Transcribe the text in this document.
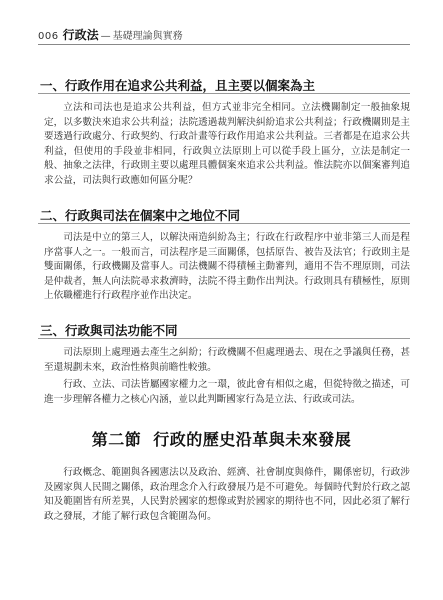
006 行政法 — 基礎理論與實務
一、行政作用在追求公共利益，且主要以個案為主

立法和司法也是追求公共利益，但方式並非完全相同。立法機關制定一般抽象規定，以多數決來追求公共利益；法院透過裁判解決糾紛追求公共利益；行政機關則是主要透過行政處分、行政契約、行政計畫等行政作用追求公共利益。三者都是在追求公共利益，但使用的手段並非相同，行政與立法原則上可以從手段上區分，立法是制定一般、抽象之法律，行政則主要以處理具體個案來追求公共利益。惟法院亦以個案審判追求公益，司法與行政應如何區分呢？

二、行政與司法在個案中之地位不同

司法是中立的第三人，以解決兩造糾紛為主；行政在行政程序中並非第三人而是程序當事人之一。一般而言，司法程序是三面關係，包括原告、被告及法官；行政則主是雙面關係，行政機關及當事人。司法機關不得積極主動審判，適用不告不理原則，司法是仲裁者，無人向法院尋求救濟時，法院不得主動作出判決。行政則具有積極性，原則上依職權進行行政程序並作出決定。

三、行政與司法功能不同

司法原則上處理過去產生之糾紛；行政機關不但處理過去、現在之爭議與任務，甚至還規劃未來，政治性格與前瞻性較強。

行政、立法、司法皆屬國家權力之一環，彼此會有相似之處，但從特徵之描述，可進一步理解各權力之核心內涵，並以此判斷國家行為是立法、行政或司法。

第二節 行政的歷史沿革與未來發展

行政概念、範圍與各國憲法以及政治、經濟、社會制度與條件，關係密切，行政涉及國家與人民間之關係，政治理念介入行政發展乃是不可避免。每個時代對於行政之認知及範圍皆有所差異，人民對於國家的想像或對於國家的期待也不同，因此必須了解行政之發展，才能了解行政包含範圍為何。
